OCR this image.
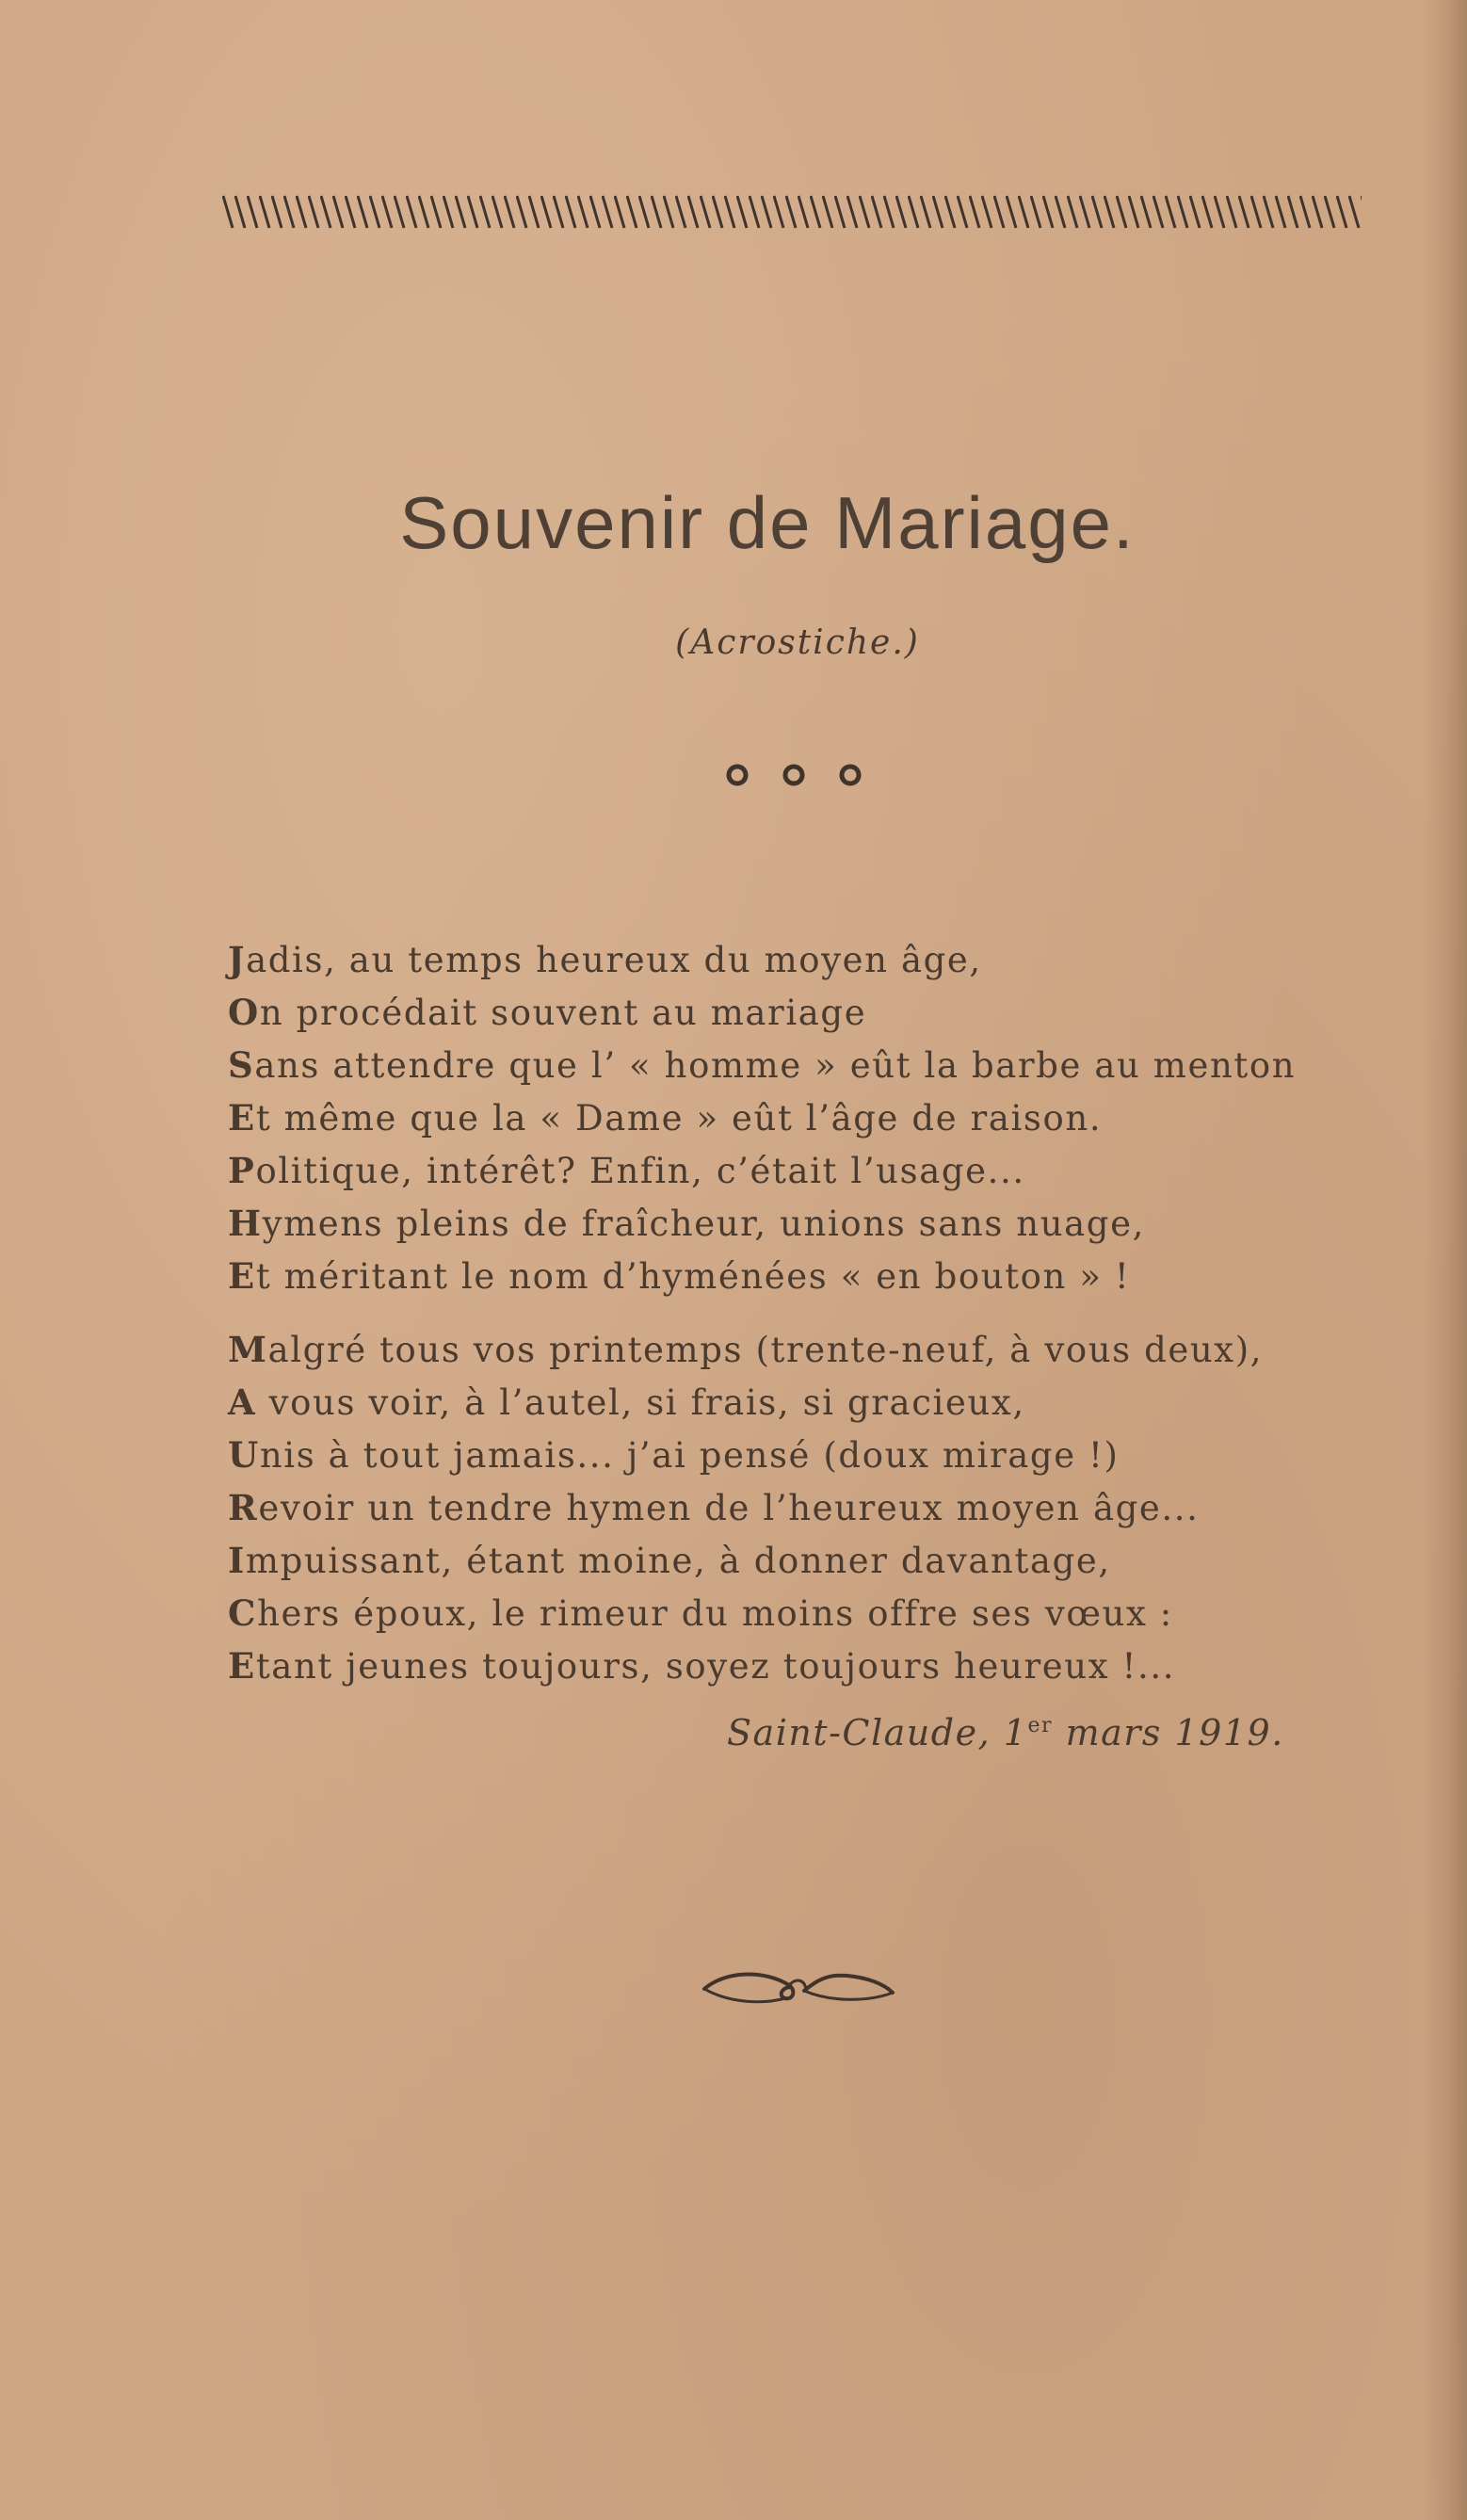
Souvenir de Mariage.
(Acrostiche.)
Jadis, au temps heureux du moyen âge,
On procédait souvent au mariage
Sans attendre que l’ « homme » eût la barbe au menton
Et même que la « Dame » eût l’âge de raison.
Politique, intérêt? Enfin, c’était l’usage...
Hymens pleins de fraîcheur, unions sans nuage,
Et méritant le nom d’hyménées « en bouton » !
Malgré tous vos printemps (trente-neuf, à vous deux),
A vous voir, à l’autel, si frais, si gracieux,
Unis à tout jamais... j’ai pensé (doux mirage !)
Revoir un tendre hymen de l’heureux moyen âge...
Impuissant, étant moine, à donner davantage,
Chers époux, le rimeur du moins offre ses vœux :
Etant jeunes toujours, soyez toujours heureux !...
Saint-Claude, 1er mars 1919.
